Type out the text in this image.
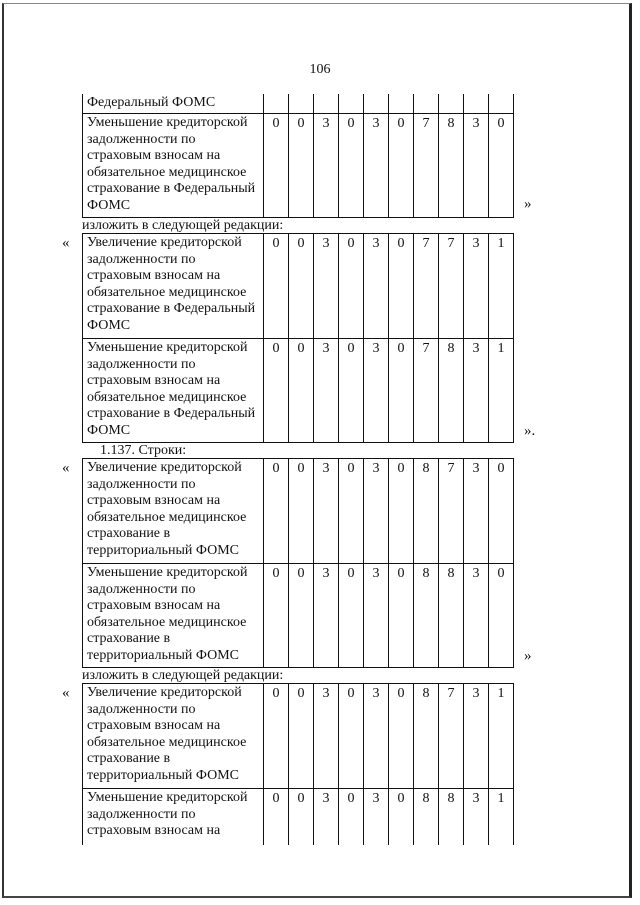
106
Федеральный ФОМС
Уменьшение кредиторской задолженности по страховым взносам на обязательное медицинское страхование в Федеральный ФОМС
0	0	3	0	3	0	7	8	3	0
»
изложить в следующей редакции:
« Увеличение кредиторской задолженности по страховым взносам на обязательное медицинское страхование в Федеральный ФОМС
0	0	3	0	3	0	7	7	3	1
Уменьшение кредиторской задолженности по страховым взносам на обязательное медицинское страхование в Федеральный ФОМС
0	0	3	0	3	0	7	8	3	1
».
1.137. Строки:
« Увеличение кредиторской задолженности по страховым взносам на обязательное медицинское страхование в территориальный ФОМС
0	0	3	0	3	0	8	7	3	0
Уменьшение кредиторской задолженности по страховым взносам на обязательное медицинское страхование в территориальный ФОМС
0	0	3	0	3	0	8	8	3	0
»
изложить в следующей редакции:
« Увеличение кредиторской задолженности по страховым взносам на обязательное медицинское страхование в территориальный ФОМС
0	0	3	0	3	0	8	7	3	1
Уменьшение кредиторской задолженности по страховым взносам на
0	0	3	0	3	0	8	8	3	1
